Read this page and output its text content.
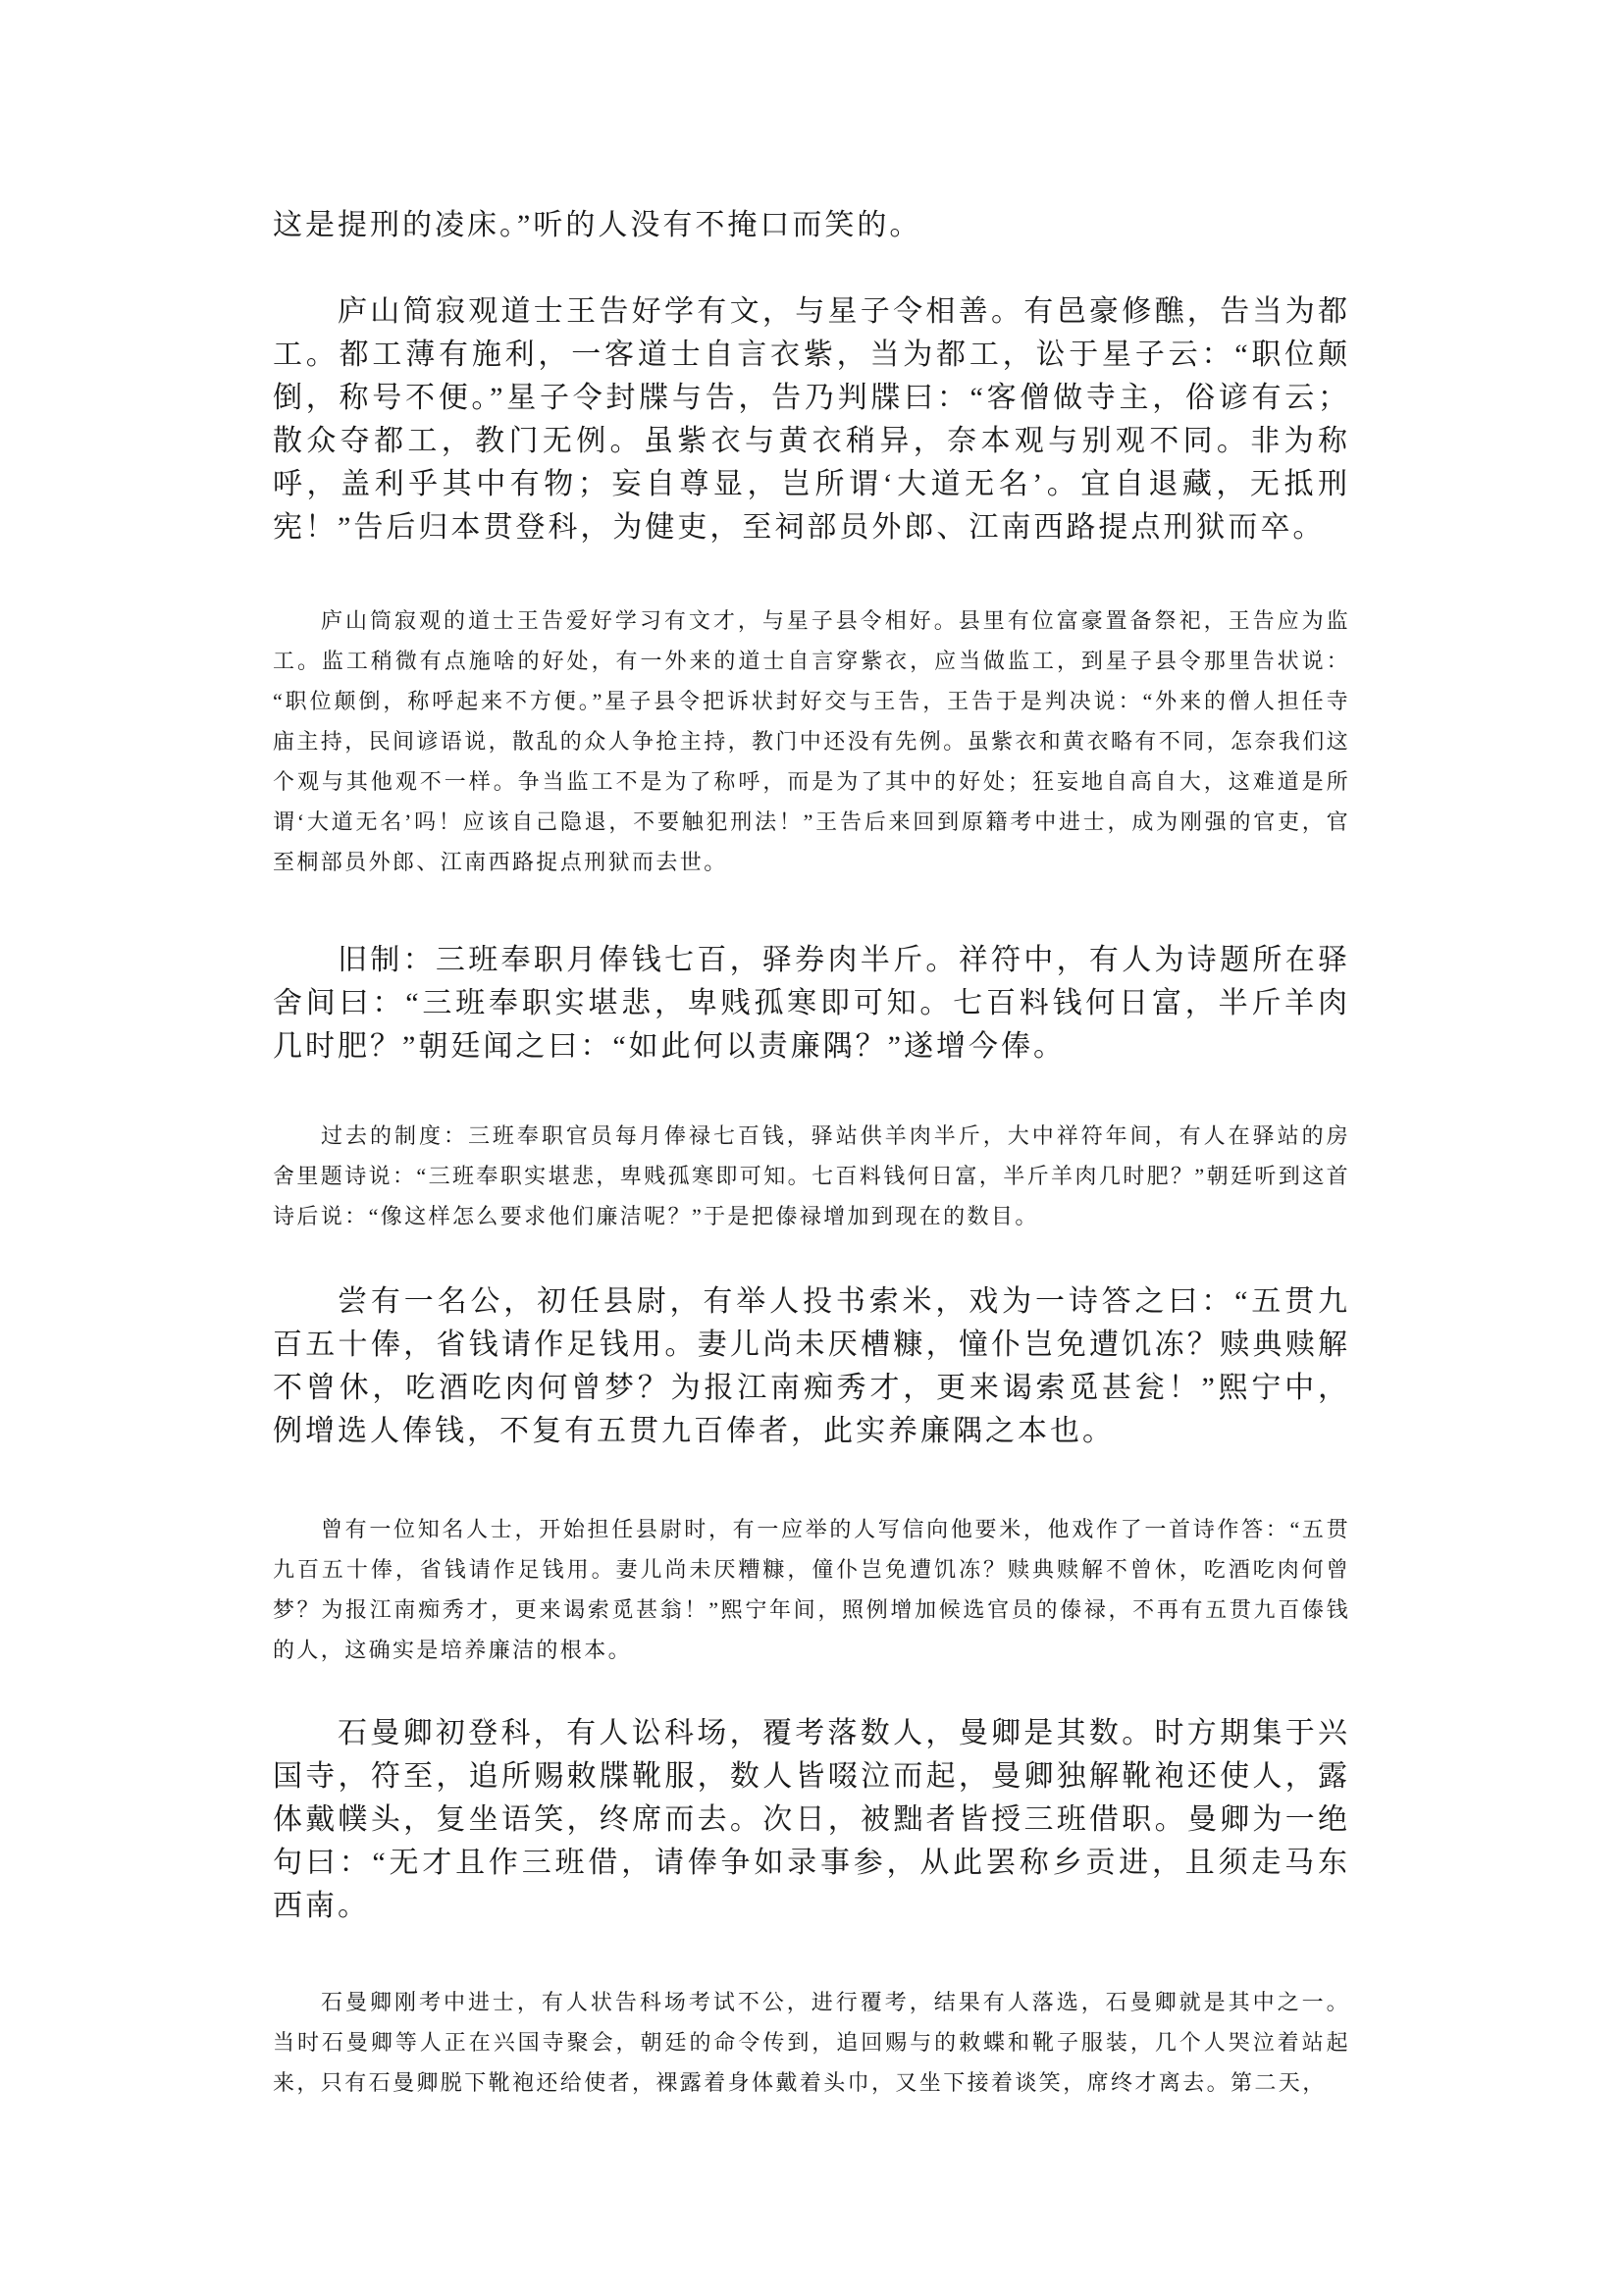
这是提刑的凌床。”听的人没有不掩口而笑的。

庐山简寂观道士王告好学有文，与星子令相善。有邑豪修醮，告当为都工。都工薄有施利，一客道士自言衣紫，当为都工，讼于星子云：“职位颠倒，称号不便。”星子令封牒与告，告乃判牒曰：“客僧做寺主，俗谚有云；散众夺都工，教门无例。虽紫衣与黄衣稍异，奈本观与别观不同。非为称呼，盖利乎其中有物；妄自尊显，岂所谓‘大道无名’。宜自退藏，无抵刑宪！”告后归本贯登科，为健吏，至祠部员外郎、江南西路提点刑狱而卒。

庐山筒寂观的道士王告爱好学习有文才，与星子县令相好。县里有位富豪置备祭祀，王告应为监工。监工稍微有点施啥的好处，有一外来的道士自言穿紫衣，应当做监工，到星子县令那里告状说：“职位颠倒，称呼起来不方便。”星子县令把诉状封好交与王告，王告于是判决说：“外来的僧人担任寺庙主持，民间谚语说，散乱的众人争抢主持，教门中还没有先例。虽紫衣和黄衣略有不同，怎奈我们这个观与其他观不一样。争当监工不是为了称呼，而是为了其中的好处；狂妄地自高自大，这难道是所谓‘大道无名’吗！应该自己隐退，不要触犯刑法！”王告后来回到原籍考中进士，成为刚强的官吏，官至桐部员外郎、江南西路捉点刑狱而去世。

旧制：三班奉职月俸钱七百，驿券肉半斤。祥符中，有人为诗题所在驿舍间曰：“三班奉职实堪悲，卑贱孤寒即可知。七百料钱何日富，半斤羊肉几时肥？”朝廷闻之曰：“如此何以责廉隅？”遂增今俸。

过去的制度：三班奉职官员每月俸禄七百钱，驿站供羊肉半斤，大中祥符年间，有人在驿站的房舍里题诗说：“三班奉职实堪悲，卑贱孤寒即可知。七百料钱何日富，半斤羊肉几时肥？”朝廷听到这首诗后说：“像这样怎么要求他们廉洁呢？”于是把傣禄增加到现在的数目。

尝有一名公，初任县尉，有举人投书索米，戏为一诗答之曰：“五贯九百五十俸，省钱请作足钱用。妻儿尚未厌槽糠，憧仆岂免遭饥冻？赎典赎解不曾休，吃酒吃肉何曾梦？为报江南痴秀才，更来谒索觅甚瓮！”熙宁中，例增选人俸钱，不复有五贯九百俸者，此实养廉隅之本也。

曾有一位知名人士，开始担任县尉时，有一应举的人写信向他要米，他戏作了一首诗作答：“五贯九百五十俸，省钱请作足钱用。妻儿尚未厌糟糠，僮仆岂免遭饥冻？赎典赎解不曾休，吃酒吃肉何曾梦？为报江南痴秀才，更来谒索觅甚翁！”熙宁年间，照例增加候选官员的傣禄，不再有五贯九百傣钱的人，这确实是培养廉洁的根本。

石曼卿初登科，有人讼科场，覆考落数人，曼卿是其数。时方期集于兴国寺，符至，追所赐敕牒靴服，数人皆啜泣而起，曼卿独解靴袍还使人，露体戴幞头，复坐语笑，终席而去。次日，被黜者皆授三班借职。曼卿为一绝句曰：“无才且作三班借，请俸争如录事参，从此罢称乡贡进，且须走马东西南。

石曼卿刚考中进士，有人状告科场考试不公，进行覆考，结果有人落选，石曼卿就是其中之一。当时石曼卿等人正在兴国寺聚会，朝廷的命令传到，追回赐与的敕蝶和靴子服装，几个人哭泣着站起来，只有石曼卿脱下靴袍还给使者，裸露着身体戴着头巾，又坐下接着谈笑，席终才离去。第二天，
